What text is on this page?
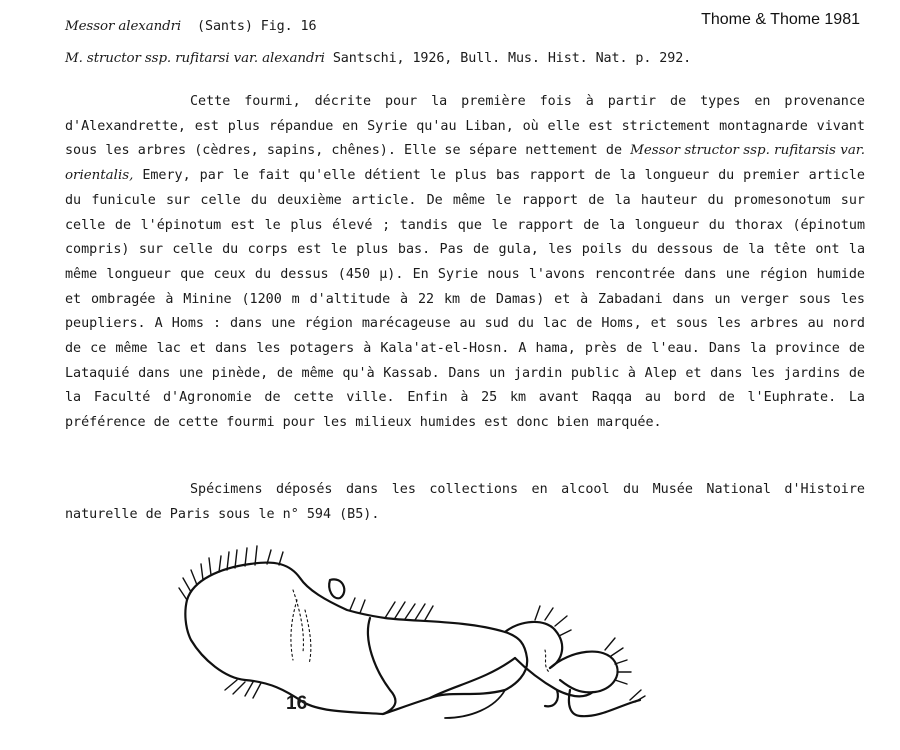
Thome & Thome 1981
Messor alexandri (Sants) Fig. 16
M. structor ssp. rufitarsi var. alexandri Santschi, 1926, Bull. Mus. Hist. Nat. p. 292.
Cette fourmi, décrite pour la première fois à partir de types en provenance d'Alexandrette, est plus répandue en Syrie qu'au Liban, où elle est strictement montagnarde vivant sous les arbres (cèdres, sapins, chênes). Elle se sépare nettement de Messor structor ssp. rufitarsis var. orientalis, Emery, par le fait qu'elle détient le plus bas rapport de la longueur du premier article du funicule sur celle du deuxième article. De même le rapport de la hauteur du promesonotum sur celle de l'épinotum est le plus élevé ; tandis que le rapport de la longueur du thorax (épinotum compris) sur celle du corps est le plus bas. Pas de gula, les poils du dessous de la tête ont la même longueur que ceux du dessus (450 µ). En Syrie nous l'avons rencontrée dans une région humide et ombragée à Minine (1200 m d'altitude à 22 km de Damas) et à Zabadani dans un verger sous les peupliers. A Homs : dans une région marécageuse au sud du lac de Homs, et sous les arbres au nord de ce même lac et dans les potagers à Kala'at-el-Hosn. A hama, près de l'eau. Dans la province de Lataquié dans une pinède, de même qu'à Kassab. Dans un jardin public à Alep et dans les jardins de la Faculté d'Agronomie de cette ville. Enfin à 25 km avant Raqqa au bord de l'Euphrate. La préférence de cette fourmi pour les milieux humides est donc bien marquée.
Spécimens déposés dans les collections en alcool du Musée National d'Histoire naturelle de Paris sous le n° 594 (B5).
16
